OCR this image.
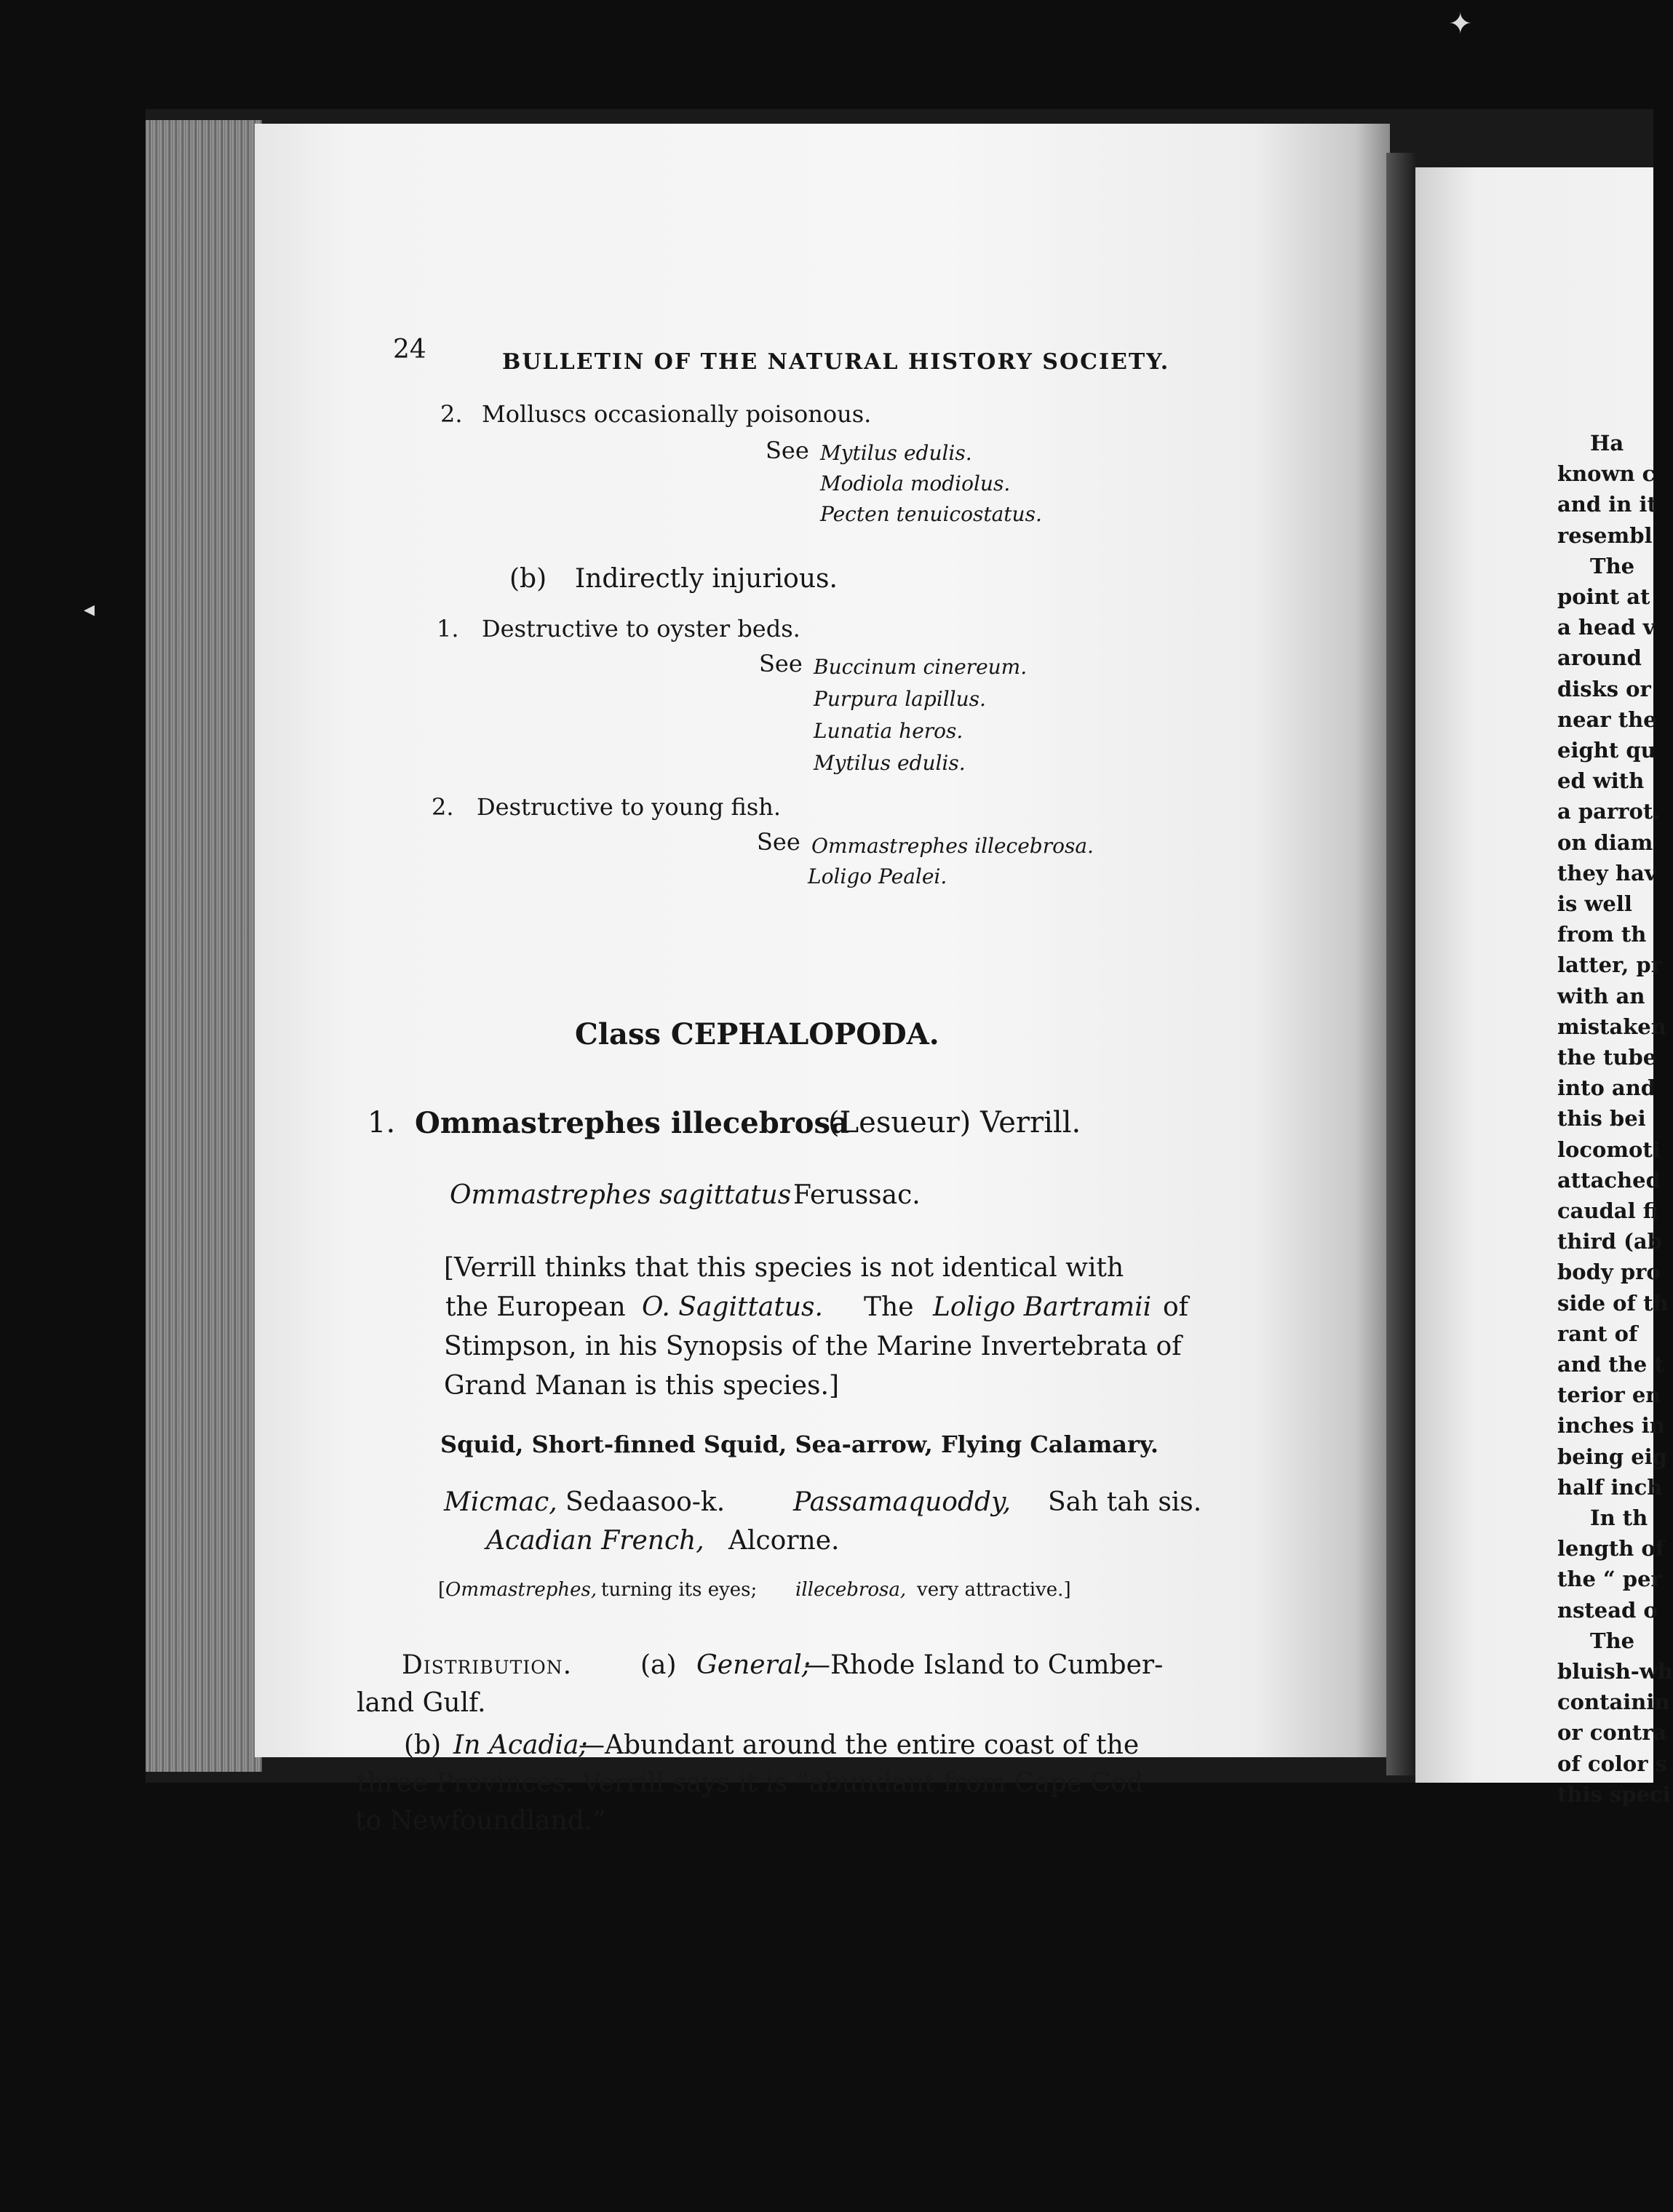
Ha
known c
and in it
resembl
The
point at
a head v
around
disks or
near the
eight qu
ed with
a parrot.
on diam
they hav
is well
from th
latter, pr
with an
mistaken
the tube
into and
this bei
locomoti
attached
caudal fi
third (ab
body pro
side of th
rant of
and the t
terior en
inches in
being eig
half inch
In th
length of
the “ per
nstead o
The
bluish-wh
containin
or contra
of color s
this speci
✦
◂
24	BULLETIN OF THE NATURAL HISTORY SOCIETY.
2. Molluscs occasionally poisonous.
See Mytilus edulis.
Modiola modiolus.
Pecten tenuicostatus.
(b) Indirectly injurious.
1. Destructive to oyster beds.
See Buccinum cinereum.
Purpura lapillus.
Lunatia heros.
Mytilus edulis.
2. Destructive to young fish.
See Ommastrephes illecebrosa.
Loligo Pealei.
Class CEPHALOPODA.
1. Ommastrephes illecebrosa
(Lesueur) Verrill.
Ommastrephes sagittatus Ferussac.
[Verrill thinks that this species is not identical with
the European O. Sagittatus. The Loligo Bartramii of
Stimpson, in his Synopsis of the Marine Invertebrata of
Grand Manan is this species.]
Squid, Short-finned Squid, Sea-arrow, Flying Calamary.
Micmac, Sedaasoo-k.	Passamaquoddy, Sah tah sis.
Acadian French, Alcorne.
[ Ommastrephes, turning its eyes; illecebrosa, very attractive.]
Distribution.	(a) General;
—Rhode Island to Cumber-
land Gulf.
(b) In Acadia;
—Abundant around the entire coast of the
three Provinces. Verrill says it is “abundant from Cape Cod
to Newfoundland.”
